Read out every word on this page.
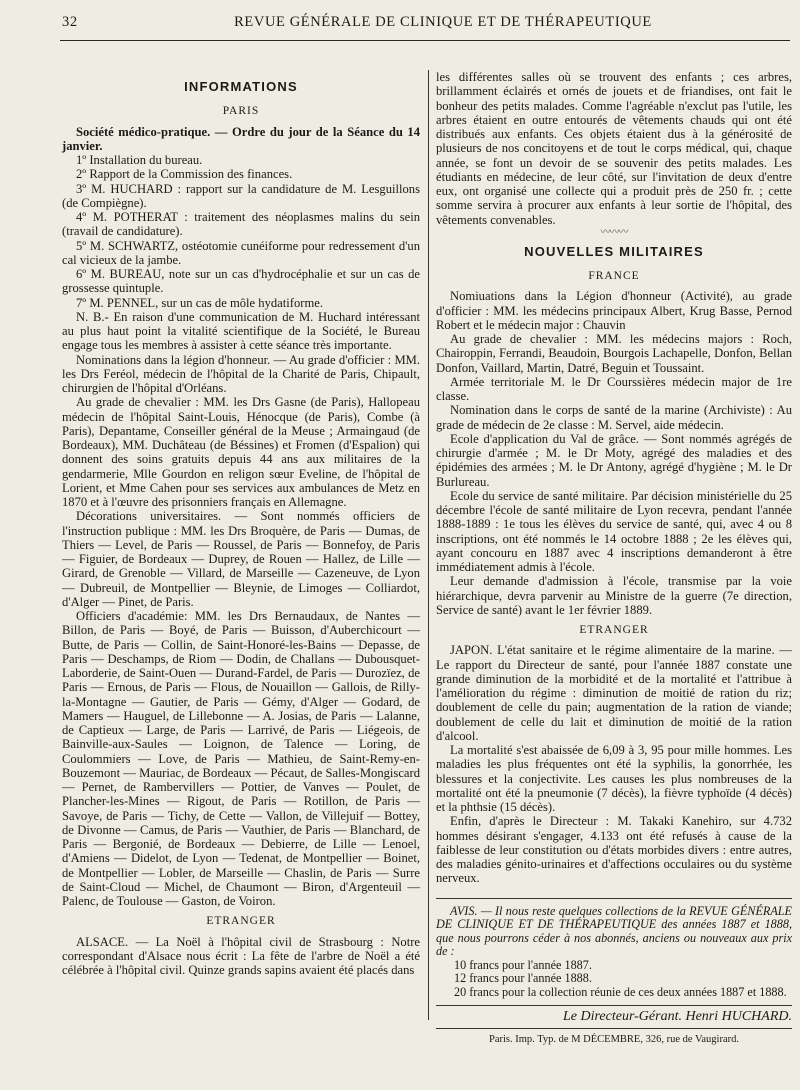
32	REVUE GÉNÉRALE DE CLINIQUE ET DE THÉRAPEUTIQUE
INFORMATIONS
PARIS

Société médico-pratique. — Ordre du jour de la Séance du 14 janvier.

1º Installation du bureau.

2º Rapport de la Commission des finances.

3º M. HUCHARD : rapport sur la candidature de M. Lesguillons (de Compiègne).

4º M. POTHERAT : traitement des néoplasmes malins du sein (travail de candidature).

5º M. SCHWARTZ, ostéotomie cunéiforme pour redressement d'un cal vicieux de la jambe.

6º M. BUREAU, note sur un cas d'hydrocéphalie et sur un cas de grossesse quintuple.

7º M. PENNEL, sur un cas de môle hydatiforme.

N. B.- En raison d'une communication de M. Huchard intéressant au plus haut point la vitalité scientifique de la Société, le Bureau engage tous les membres à assister à cette séance très importante.

Nominations dans la légion d'honneur. — Au grade d'officier : MM. les Drs Feréol, médecin de l'hôpital de la Charité de Paris, Chipault, chirurgien de l'hôpital d'Orléans.

Au grade de chevalier : MM. les Drs Gasne (de Paris), Hallopeau médecin de l'hôpital Saint-Louis, Hénocque (de Paris), Combe (à Paris), Depantame, Conseiller général de la Meuse ; Armaingaud (de Bordeaux), MM. Duchâteau (de Béssines) et Fromen (d'Espalion) qui donnent des soins gratuits depuis 44 ans aux militaires de la gendarmerie, Mlle Gourdon en religon sœur Eveline, de l'hôpital de Lorient, et Mme Cahen pour ses services aux ambulances de Metz en 1870 et à l'œuvre des prisonniers français en Allemagne.

Décorations universitaires. — Sont nommés officiers de l'instruction publique : MM. les Drs Broquère, de Paris — Dumas, de Thiers — Level, de Paris — Roussel, de Paris — Bonnefoy, de Paris — Figuier, de Bordeaux — Duprey, de Rouen — Hallez, de Lille — Girard, de Grenoble — Villard, de Marseille — Cazeneuve, de Lyon — Dubreuil, de Montpellier — Bleynie, de Limoges — Colliardot, d'Alger — Pinet, de Paris.

Officiers d'académie: MM. les Drs Bernaudaux, de Nantes — Billon, de Paris — Boyé, de Paris — Buisson, d'Auberchicourt — Butte, de Paris — Collin, de Saint-Honoré-les-Bains — Depasse, de Paris — Deschamps, de Riom — Dodin, de Challans — Dubousquet-Laborderie, de Saint-Ouen — Durand-Fardel, de Paris — Durozïez, de Paris — Ernous, de Paris — Flous, de Nouaillon — Gallois, de Rilly-la-Montagne — Gautier, de Paris — Gémy, d'Alger — Godard, de Mamers — Hauguel, de Lillebonne — A. Josias, de Paris — Lalanne, de Captieux — Large, de Paris — Larrivé, de Paris — Liégeois, de Bainville-aux-Saules — Loignon, de Talence — Loring, de Coulommiers — Love, de Paris — Mathieu, de Saint-Remy-en-Bouzemont — Mauriac, de Bordeaux — Pécaut, de Salles-Mongiscard — Pernet, de Rambervillers — Pottier, de Vanves — Poulet, de Plancher-les-Mines — Rigout, de Paris — Rotillon, de Paris — Savoye, de Paris — Tichy, de Cette — Vallon, de Villejuif — Bottey, de Divonne — Camus, de Paris — Vauthier, de Paris — Blanchard, de Paris — Bergonié, de Bordeaux — Debierre, de Lille — Lenoel, d'Amiens — Didelot, de Lyon — Tedenat, de Montpellier — Boinet, de Montpellier — Lobler, de Marseille — Chaslin, de Paris — Surre de Saint-Cloud — Michel, de Chaumont — Biron, d'Argenteuil — Palenc, de Toulouse — Gaston, de Voiron.

ETRANGER

ALSACE. — La Noël à l'hôpital civil de Strasbourg : Notre correspondant d'Alsace nous écrit : La fête de l'arbre de Noël a été célébrée à l'hôpital civil. Quinze grands sapins avaient été placés dans

les différentes salles où se trouvent des enfants ; ces arbres, brillamment éclairés et ornés de jouets et de friandises, ont fait le bonheur des petits malades. Comme l'agréable n'exclut pas l'utile, les arbres étaient en outre entourés de vêtements chauds qui ont été distribués aux enfants. Ces objets étaient dus à la générosité de plusieurs de nos concitoyens et de tout le corps médical, qui, chaque année, se font un devoir de se souvenir des petits malades. Les étudiants en médecine, de leur côté, sur l'invitation de deux d'entre eux, ont organisé une collecte qui a produit près de 250 fr. ; cette somme servira à procurer aux enfants à leur sortie de l'hôpital, des vêtements convenables.

〰〰〰
NOUVELLES MILITAIRES
FRANCE

Nomiuations dans la Légion d'honneur (Activité), au grade d'officier : MM. les médecins principaux Albert, Krug Basse, Pernod Robert et le médecin major : Chauvin

Au grade de chevalier : MM. les médecins majors : Roch, Chairoppin, Ferrandi, Beaudoin, Bourgois Lachapelle, Donfon, Bellan Donfon, Vaillard, Martin, Datré, Beguin et Toussaint.

Armée territoriale M. le Dr Courssières médecin major de 1re classe.

Nomination dans le corps de santé de la marine (Archiviste) : Au grade de médecin de 2e classe : M. Servel, aide médecin.

Ecole d'application du Val de grâce. — Sont nommés agrégés de chirurgie d'armée ; M. le Dr Moty, agrégé des maladies et des épidémies des armées ; M. le Dr Antony, agrégé d'hygiène ; M. le Dr Burlureau.

Ecole du service de santé militaire. Par décision ministérielle du 25 décembre l'école de santé militaire de Lyon recevra, pendant l'année 1888-1889 : 1e tous les élèves du service de santé, qui, avec 4 ou 8 inscriptions, ont été nommés le 14 octobre 1888 ; 2e les élèves qui, ayant concouru en 1887 avec 4 inscriptions demanderont à être immédiatement admis à l'école.

Leur demande d'admission à l'école, transmise par la voie hiérarchique, devra parvenir au Ministre de la guerre (7e direction, Service de santé) avant le 1er février 1889.

ETRANGER

JAPON. L'état sanitaire et le régime alimentaire de la marine. — Le rapport du Directeur de santé, pour l'année 1887 constate une grande diminution de la morbidité et de la mortalité et l'attribue à l'amélioration du régime : diminution de moitié de ration du riz; doublement de celle du pain; augmentation de la ration de viande; doublement de celle du lait et diminution de moitié de la ration d'alcool.

La mortalité s'est abaissée de 6,09 à 3, 95 pour mille hommes. Les maladies les plus fréquentes ont été la syphilis, la gonorrhée, les blessures et la conjectivite. Les causes les plus nombreuses de la mortalité ont été la pneumonie (7 décès), la fièvre typhoïde (4 décès) et la phthsie (15 décès).

Enfin, d'après le Directeur : M. Takaki Kanehiro, sur 4.732 hommes désirant s'engager, 4.133 ont été refusés à cause de la faiblesse de leur constitution ou d'états morbides divers : entre autres, des maladies génito-urinaires et d'affections occulaires ou du système nerveux.

AVIS. — Il nous reste quelques collections de la REVUE GÉNÉRALE DE CLINIQUE ET DE THÉRAPEUTIQUE des années 1887 et 1888, que nous pourrons céder à nos abonnés, anciens ou nouveaux aux prix de :

10 francs pour l'année 1887.

12 francs pour l'année 1888.

20 francs pour la collection réunie de ces deux années 1887 et 1888.

Le Directeur-Gérant. Henri HUCHARD.
Paris. Imp. Typ. de M DÉCEMBRE, 326, rue de Vaugirard.
